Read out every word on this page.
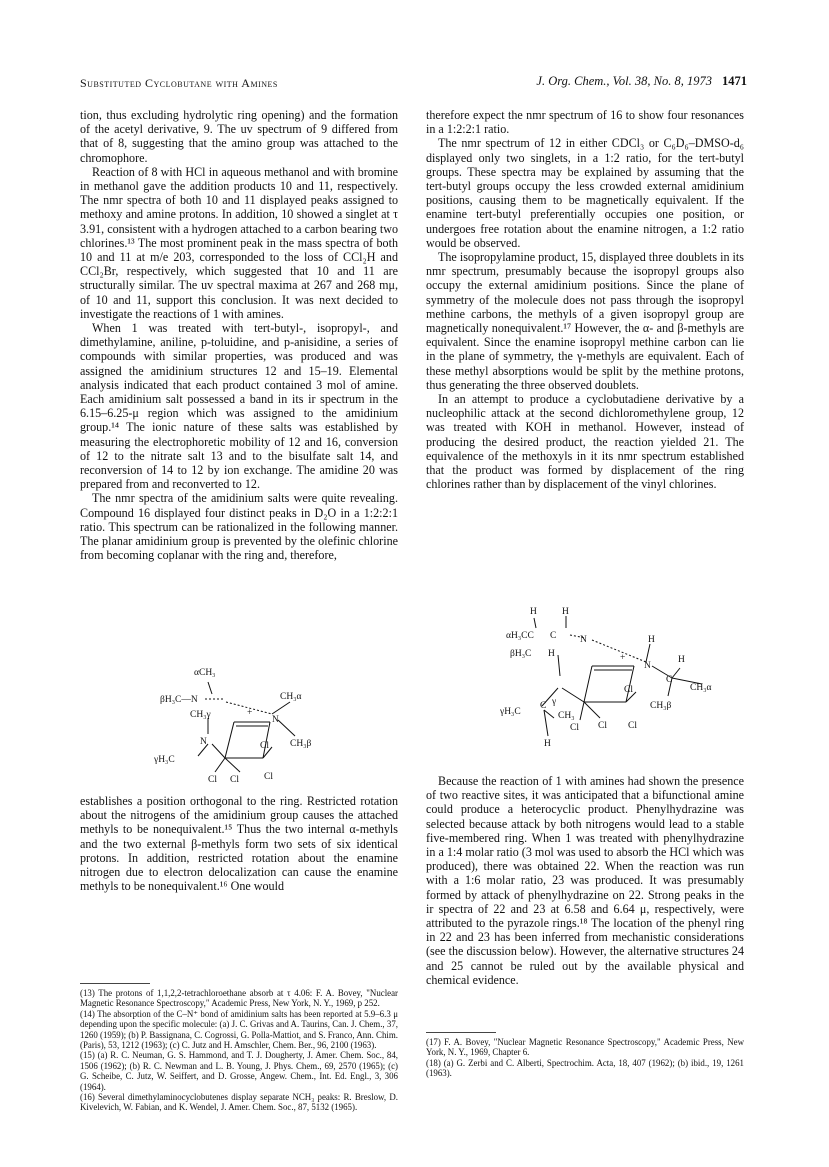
Substituted Cyclobutane with Amines	J. Org. Chem., Vol. 38, No. 8, 1973 1471

tion, thus excluding hydrolytic ring opening) and the formation of the acetyl derivative, 9. The uv spectrum of 9 differed from that of 8, suggesting that the amino group was attached to the chromophore.

Reaction of 8 with HCl in aqueous methanol and with bromine in methanol gave the addition products 10 and 11, respectively. The nmr spectra of both 10 and 11 displayed peaks assigned to methoxy and amine protons. In addition, 10 showed a singlet at τ 3.91, consistent with a hydrogen attached to a carbon bearing two chlorines.¹³ The most prominent peak in the mass spectra of both 10 and 11 at m/e 203, corresponded to the loss of CCl₂H and CCl₂Br, respectively, which suggested that 10 and 11 are structurally similar. The uv spectral maxima at 267 and 268 mμ, of 10 and 11, support this conclusion. It was next decided to investigate the reactions of 1 with amines.

When 1 was treated with tert-butyl-, isopropyl-, and dimethylamine, aniline, p-toluidine, and p-anisidine, a series of compounds with similar properties, was produced and was assigned the amidinium structures 12 and 15–19. Elemental analysis indicated that each product contained 3 mol of amine. Each amidinium salt possessed a band in its ir spectrum in the 6.15–6.25-μ region which was assigned to the amidinium group.¹⁴ The ionic nature of these salts was established by measuring the electrophoretic mobility of 12 and 16, conversion of 12 to the nitrate salt 13 and to the bisulfate salt 14, and reconversion of 14 to 12 by ion exchange. The amidine 20 was prepared from and reconverted to 12.

The nmr spectra of the amidinium salts were quite revealing. Compound 16 displayed four distinct peaks in D₂O in a 1:2:2:1 ratio. This spectrum can be rationalized in the following manner. The planar amidinium group is prevented by the olefinic chlorine from becoming coplanar with the ring and, therefore,

αCH₃
βH₃C—N	CH₃α
CH₃γ
N	CH₃β
N
γH₃C
Cl
Cl Cl	Cl
+

establishes a position orthogonal to the ring. Restricted rotation about the nitrogens of the amidinium group causes the attached methyls to be nonequivalent.¹⁵ Thus the two internal α-methyls and the two external β-methyls form two sets of six identical protons. In addition, restricted rotation about the enamine nitrogen due to electron delocalization can cause the enamine methyls to be nonequivalent.¹⁶ One would

(13) The protons of 1,1,2,2-tetrachloroethane absorb at τ 4.06: F. A. Bovey, "Nuclear Magnetic Resonance Spectroscopy," Academic Press, New York, N. Y., 1969, p 252.

(14) The absorption of the C–N⁺ bond of amidinium salts has been reported at 5.9–6.3 μ depending upon the specific molecule: (a) J. C. Grivas and A. Taurins, Can. J. Chem., 37, 1260 (1959); (b) P. Bassignana, C. Cogrossi, G. Polla-Mattiot, and S. Franco, Ann. Chim. (Paris), 53, 1212 (1963); (c) C. Jutz and H. Amschler, Chem. Ber., 96, 2100 (1963).

(15) (a) R. C. Neuman, G. S. Hammond, and T. J. Dougherty, J. Amer. Chem. Soc., 84, 1506 (1962); (b) R. C. Newman and L. B. Young, J. Phys. Chem., 69, 2570 (1965); (c) G. Scheibe, C. Jutz, W. Seiffert, and D. Grosse, Angew. Chem., Int. Ed. Engl., 3, 306 (1964).

(16) Several dimethylaminocyclobutenes display separate NCH₃ peaks: R. Breslow, D. Kivelevich, W. Fabian, and K. Wendel, J. Amer. Chem. Soc., 87, 5132 (1965).

therefore expect the nmr spectrum of 16 to show four resonances in a 1:2:2:1 ratio.

The nmr spectrum of 12 in either CDCl₃ or C₆D₆–DMSO-d₆ displayed only two singlets, in a 1:2 ratio, for the tert-butyl groups. These spectra may be explained by assuming that the tert-butyl groups occupy the less crowded external amidinium positions, causing them to be magnetically equivalent. If the enamine tert-butyl preferentially occupies one position, or undergoes free rotation about the enamine nitrogen, a 1:2 ratio would be observed.

The isopropylamine product, 15, displayed three doublets in its nmr spectrum, presumably because the isopropyl groups also occupy the external amidinium positions. Since the plane of symmetry of the molecule does not pass through the isopropyl methine carbons, the methyls of a given isopropyl group are magnetically nonequivalent.¹⁷ However, the α- and β-methyls are equivalent. Since the enamine isopropyl methine carbon can lie in the plane of symmetry, the γ-methyls are equivalent. Each of these methyl absorptions would be split by the methine protons, thus generating the three observed doublets.

In an attempt to produce a cyclobutadiene derivative by a nucleophilic attack at the second dichloromethylene group, 12 was treated with KOH in methanol. However, instead of producing the desired product, the reaction yielded 21. The equivalence of the methoxyls in it its nmr spectrum established that the product was formed by displacement of the ring chlorines rather than by displacement of the vinyl chlorines.

H	H
αH₃CC C N	H
βH₃C H	+
N
H
C
CH₃α
CH₃β
γH₃C
C
CH₃
γ
H
Cl
Cl Cl Cl

Because the reaction of 1 with amines had shown the presence of two reactive sites, it was anticipated that a bifunctional amine could produce a heterocyclic product. Phenylhydrazine was selected because attack by both nitrogens would lead to a stable five-membered ring. When 1 was treated with phenylhydrazine in a 1:4 molar ratio (3 mol was used to absorb the HCl which was produced), there was obtained 22. When the reaction was run with a 1:6 molar ratio, 23 was produced. It was presumably formed by attack of phenylhydrazine on 22. Strong peaks in the ir spectra of 22 and 23 at 6.58 and 6.64 μ, respectively, were attributed to the pyrazole rings.¹⁸ The location of the phenyl ring in 22 and 23 has been inferred from mechanistic considerations (see the discussion below). However, the alternative structures 24 and 25 cannot be ruled out by the available physical and chemical evidence.

(17) F. A. Bovey, "Nuclear Magnetic Resonance Spectroscopy," Academic Press, New York, N. Y., 1969, Chapter 6.

(18) (a) G. Zerbi and C. Alberti, Spectrochim. Acta, 18, 407 (1962); (b) ibid., 19, 1261 (1963).
